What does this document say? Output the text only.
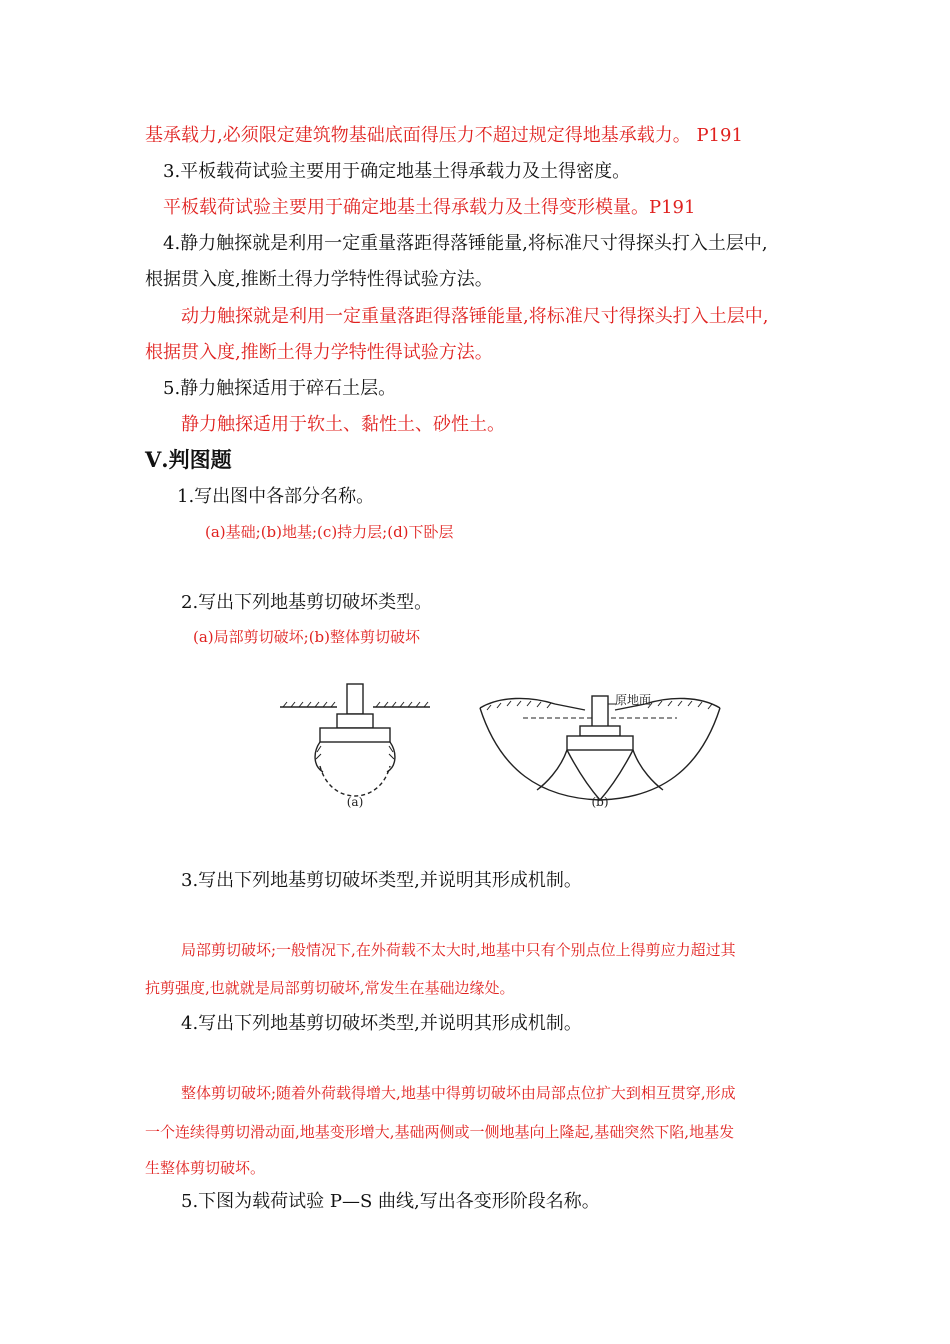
基承载力,必须限定建筑物基础底面得压力不超过规定得地基承载力。 P191
3.平板载荷试验主要用于确定地基土得承载力及土得密度。
平板载荷试验主要用于确定地基土得承载力及土得变形模量。P191
4.静力触探就是利用一定重量落距得落锤能量,将标准尺寸得探头打入土层中,
根据贯入度,推断土得力学特性得试验方法。
动力触探就是利用一定重量落距得落锤能量,将标准尺寸得探头打入土层中,
根据贯入度,推断土得力学特性得试验方法。
5.静力触探适用于碎石土层。
静力触探适用于软土、黏性土、砂性土。
Ⅴ.判图题
1.写出图中各部分名称。
(a)基础;(b)地基;(c)持力层;(d)下卧层
2.写出下列地基剪切破坏类型。
(a)局部剪切破坏;(b)整体剪切破坏
(a)
原地面
(b)
3.写出下列地基剪切破坏类型,并说明其形成机制。
局部剪切破坏;一般情况下,在外荷载不太大时,地基中只有个别点位上得剪应力超过其
抗剪强度,也就就是局部剪切破坏,常发生在基础边缘处。
4.写出下列地基剪切破坏类型,并说明其形成机制。
整体剪切破坏;随着外荷载得增大,地基中得剪切破坏由局部点位扩大到相互贯穿,形成
一个连续得剪切滑动面,地基变形增大,基础两侧或一侧地基向上隆起,基础突然下陷,地基发
生整体剪切破坏。
5.下图为载荷试验 P—S 曲线,写出各变形阶段名称。
